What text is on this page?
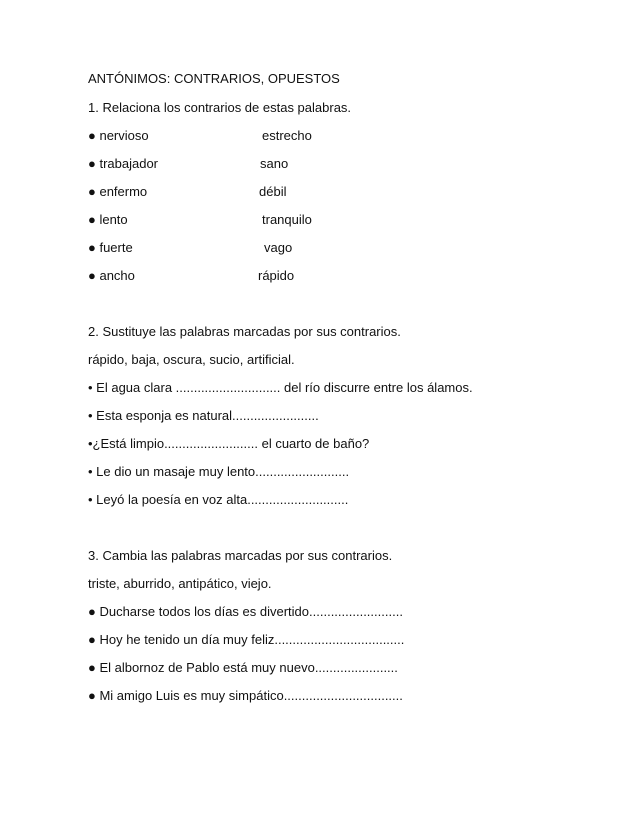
ANTÓNIMOS: CONTRARIOS, OPUESTOS
1. Relaciona los contrarios de estas palabras.
● nervioso	estrecho
● trabajador	sano
● enfermo	débil
● lento	tranquilo
● fuerte	vago
● ancho	rápido
2. Sustituye las palabras marcadas por sus contrarios.
rápido, baja, oscura, sucio, artificial.
• El agua clara ............................. del río discurre entre los álamos.
• Esta esponja es natural........................
•¿Está limpio.......................... el cuarto de baño?
• Le dio un masaje muy lento..........................
• Leyó la poesía en voz alta............................
3. Cambia las palabras marcadas por sus contrarios.
triste, aburrido, antipático, viejo.
● Ducharse todos los días es divertido..........................
● Hoy he tenido un día muy feliz....................................
● El albornoz de Pablo está muy nuevo.......................
● Mi amigo Luis es muy simpático.................................
